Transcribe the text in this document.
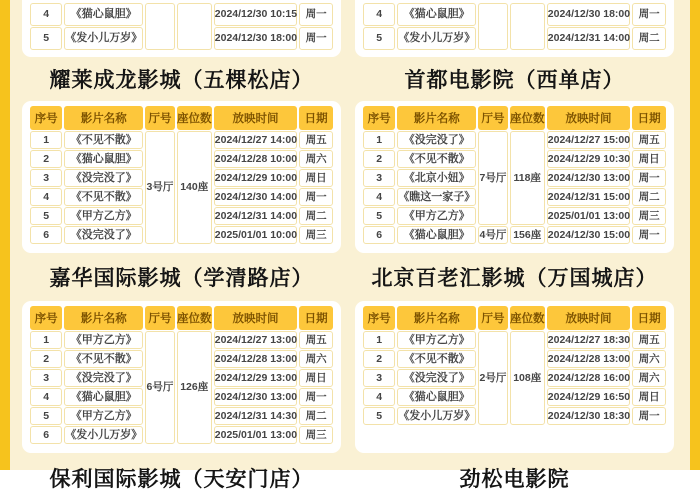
4	《猫心鼠胆》			2024/12/30 10:15	周一
5	《发小儿万岁》			2024/12/30 18:00	周一
4	《猫心鼠胆》			2024/12/30 18:00	周一
5	《发小儿万岁》			2024/12/31 14:00	周二
耀莱成龙影城（五棵松店）	首都电影院（西单店）
序号	影片名称	厅号	座位数	放映时间	日期
1	《不见不散》	3号厅	140座	2024/12/27 14:00	周五
2	《猫心鼠胆》			2024/12/28 10:00	周六
3	《没完没了》			2024/12/29 10:00	周日
4	《不见不散》			2024/12/30 14:00	周一
5	《甲方乙方》			2024/12/31 14:00	周二
6	《没完没了》			2025/01/01 10:00	周三
序号	影片名称	厅号	座位数	放映时间	日期
1	《没完没了》	7号厅	118座	2024/12/27 15:00	周五
2	《不见不散》			2024/12/29 10:30	周日
3	《北京小妞》			2024/12/30 13:00	周一
4	《瞧这一家子》			2024/12/31 15:00	周二
5	《甲方乙方》			2025/01/01 13:00	周三
6	《猫心鼠胆》	4号厅	156座	2024/12/30 15:00	周一
嘉华国际影城（学清路店）	北京百老汇影城（万国城店）
序号	影片名称	厅号	座位数	放映时间	日期
1	《甲方乙方》	6号厅	126座	2024/12/27 13:00	周五
2	《不见不散》			2024/12/28 13:00	周六
3	《没完没了》			2024/12/29 13:00	周日
4	《猫心鼠胆》			2024/12/30 13:00	周一
5	《甲方乙方》			2024/12/31 14:30	周二
6	《发小儿万岁》			2025/01/01 13:00	周三
序号	影片名称	厅号	座位数	放映时间	日期
1	《甲方乙方》	2号厅	108座	2024/12/27 18:30	周五
2	《不见不散》			2024/12/28 13:00	周六
3	《没完没了》			2024/12/28 16:00	周六
4	《猫心鼠胆》			2024/12/29 16:50	周日
5	《发小儿万岁》			2024/12/30 18:30	周一
保利国际影城（天安门店）	劲松电影院
